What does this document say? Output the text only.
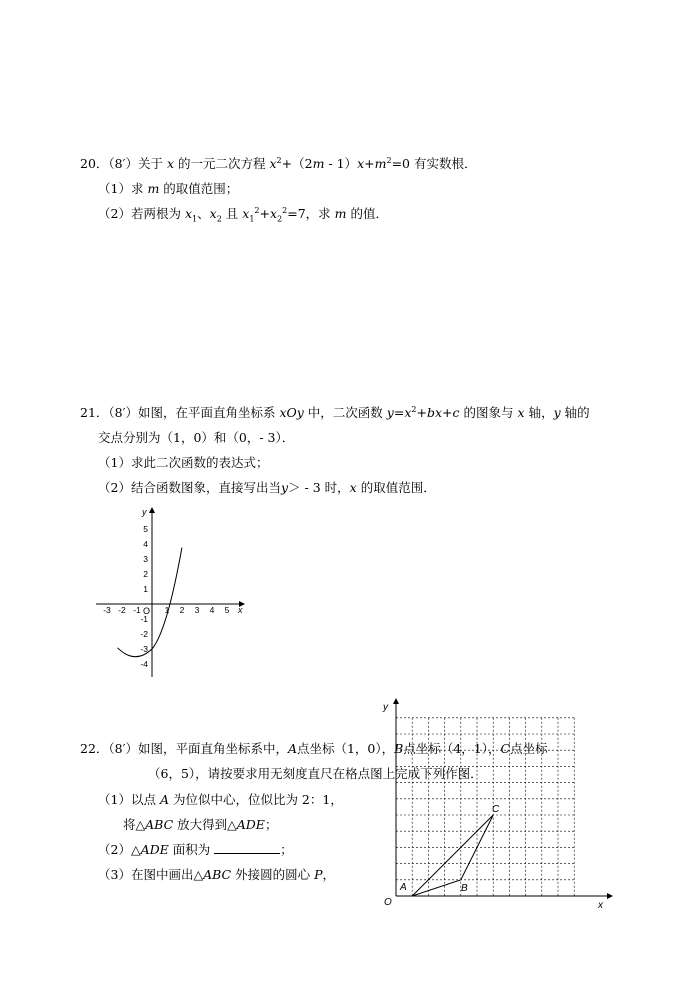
20．（8′）关于 x 的一元二次方程 $x^2+(2m - 1)x+m^2=0$ 有实数根．
（1）求 m 的取值范围；
（2）若两根为 $x_1$、$x_2$ 且 $x_1^2+x_2^2=7$，求 m 的值．
21．（8′）如图，在平面直角坐标系 xOy 中，二次函数 $y=x^2+bx+c$ 的图象与 x 轴，y 轴的
交点分别为（1，0）和（0，- 3）．
（1）求此二次函数的表达式；
（2）结合函数图象，直接写出当y＞ - 3 时，x 的取值范围．
y
x
O
-3 -2 -1	1 2 3 4 5
5
4
3
2
1
-1
-2
-3
-4
22．（8′）如图，平面直角坐标系中，A点坐标（1，0），B点坐标（4，1），C点坐标
（6，5），请按要求用无刻度直尺在格点图上完成下列作图．
（1）以点 A 为位似中心，位似比为 2：1，
将△ABC 放大得到△ADE；
（2）△ADE 面积为	；
（3）在图中画出△ABC 外接圆的圆心 P，
y
x
O
A	B
C
